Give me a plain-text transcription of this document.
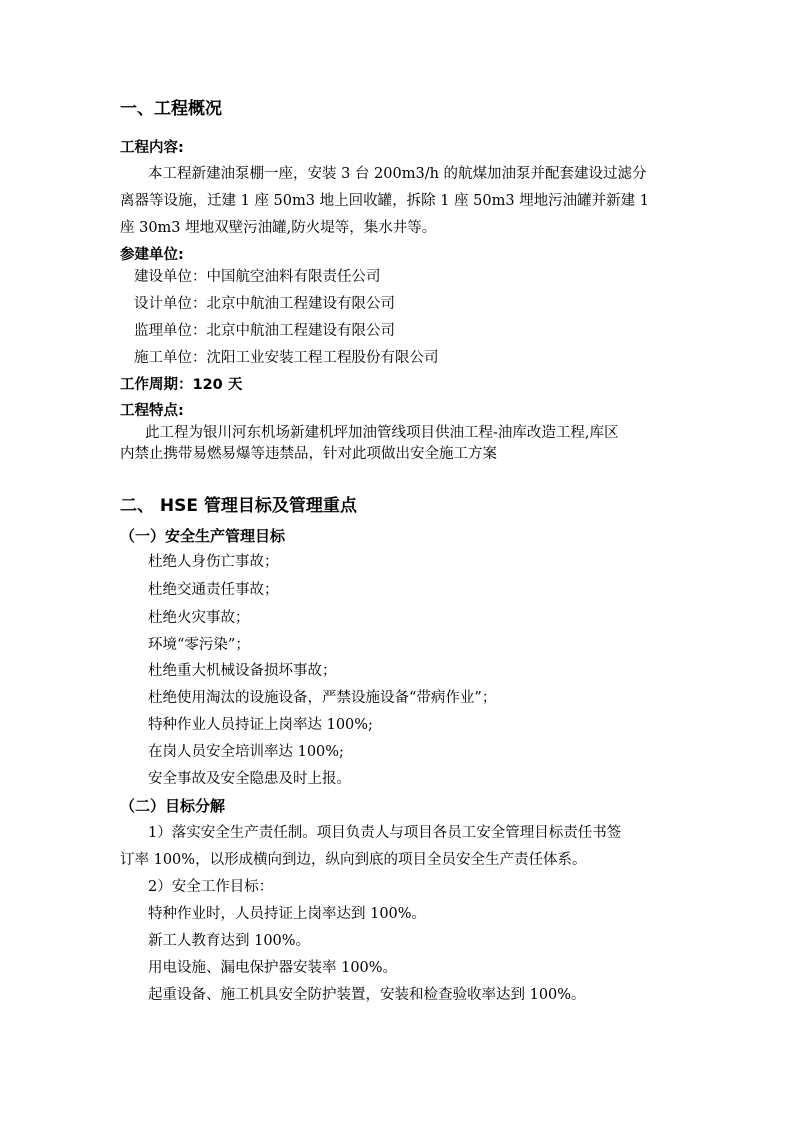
一、工程概况
工程内容:
本工程新建油泵棚一座，安装 3 台 200m3/h 的航煤加油泵并配套建设过滤分
离器等设施，迁建 1 座 50m3 地上回收罐，拆除 1 座 50m3 埋地污油罐并新建 1
座 30m3 埋地双壁污油罐,防火堤等，集水井等。
参建单位:
建设单位：中国航空油料有限责任公司
设计单位：北京中航油工程建设有限公司
监理单位：北京中航油工程建设有限公司
施工单位：沈阳工业安装工程工程股份有限公司
工作周期：120 天
工程特点:
此工程为银川河东机场新建机坪加油管线项目供油工程-油库改造工程,库区
内禁止携带易燃易爆等违禁品，针对此项做出安全施工方案
二、 HSE 管理目标及管理重点
（一）安全生产管理目标
杜绝人身伤亡事故；
杜绝交通责任事故；
杜绝火灾事故；
环境“零污染”；
杜绝重大机械设备损坏事故；
杜绝使用淘汰的设施设备，严禁设施设备“带病作业”；
特种作业人员持证上岗率达 100%;
在岗人员安全培训率达 100%;
安全事故及安全隐患及时上报。
（二）目标分解
1）落实安全生产责任制。项目负责人与项目各员工安全管理目标责任书签
订率 100%，以形成横向到边，纵向到底的项目全员安全生产责任体系。
2）安全工作目标：
特种作业时，人员持证上岗率达到 100%。
新工人教育达到 100%。
用电设施、漏电保护器安装率 100%。
起重设备、施工机具安全防护装置，安装和检查验收率达到 100%。
